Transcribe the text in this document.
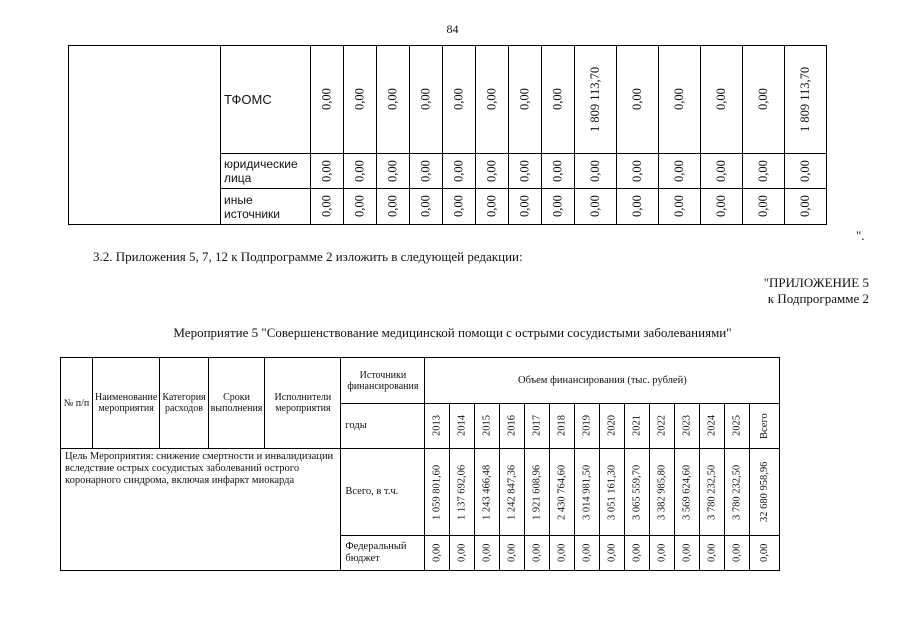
84
	ТФОМС	0,00	0,00	0,00	0,00	0,00	0,00	0,00	0,00	1 809 113,70	0,00	0,00	0,00	0,00	1 809 113,70

	юридические лица	0,00	0,00	0,00	0,00	0,00	0,00	0,00	0,00	0,00	0,00	0,00	0,00	0,00	0,00

	иные источники	0,00	0,00	0,00	0,00	0,00	0,00	0,00	0,00	0,00	0,00	0,00	0,00	0,00	0,00
".
3.2. Приложения 5, 7, 12 к Подпрограмме 2 изложить в следующей редакции:
"ПРИЛОЖЕНИЕ 5
к Подпрограмме 2
Мероприятие 5 "Совершенствование медицинской помощи с острыми сосудистыми заболеваниями"
№ п/п	Наименование мероприятия	Категория расходов	Сроки выполнения	Исполнители мероприятия	Источники финансирования	Объем финансирования (тыс. рублей)													
					годы	2013	2014	2015	2016	2017	2018	2019	2020	2021	2022	2023	2024	2025	Всего

Цель Мероприятия: снижение смертности и инвалидизации вследствие острых сосудистых заболеваний острого коронарного синдрома, включая инфаркт миокарда					Всего, в т.ч.	1 059 801,60	1 137 692,06	1 243 466,48	1 242 847,36	1 921 608,96	2 430 764,60	3 014 981,50	3 051 161,30	3 065 559,70	3 382 985,80	3 569 624,60	3 780 232,50	3 780 232,50	32 680 958,96

					Федеральный бюджет	0,00	0,00	0,00	0,00	0,00	0,00	0,00	0,00	0,00	0,00	0,00	0,00	0,00	0,00
